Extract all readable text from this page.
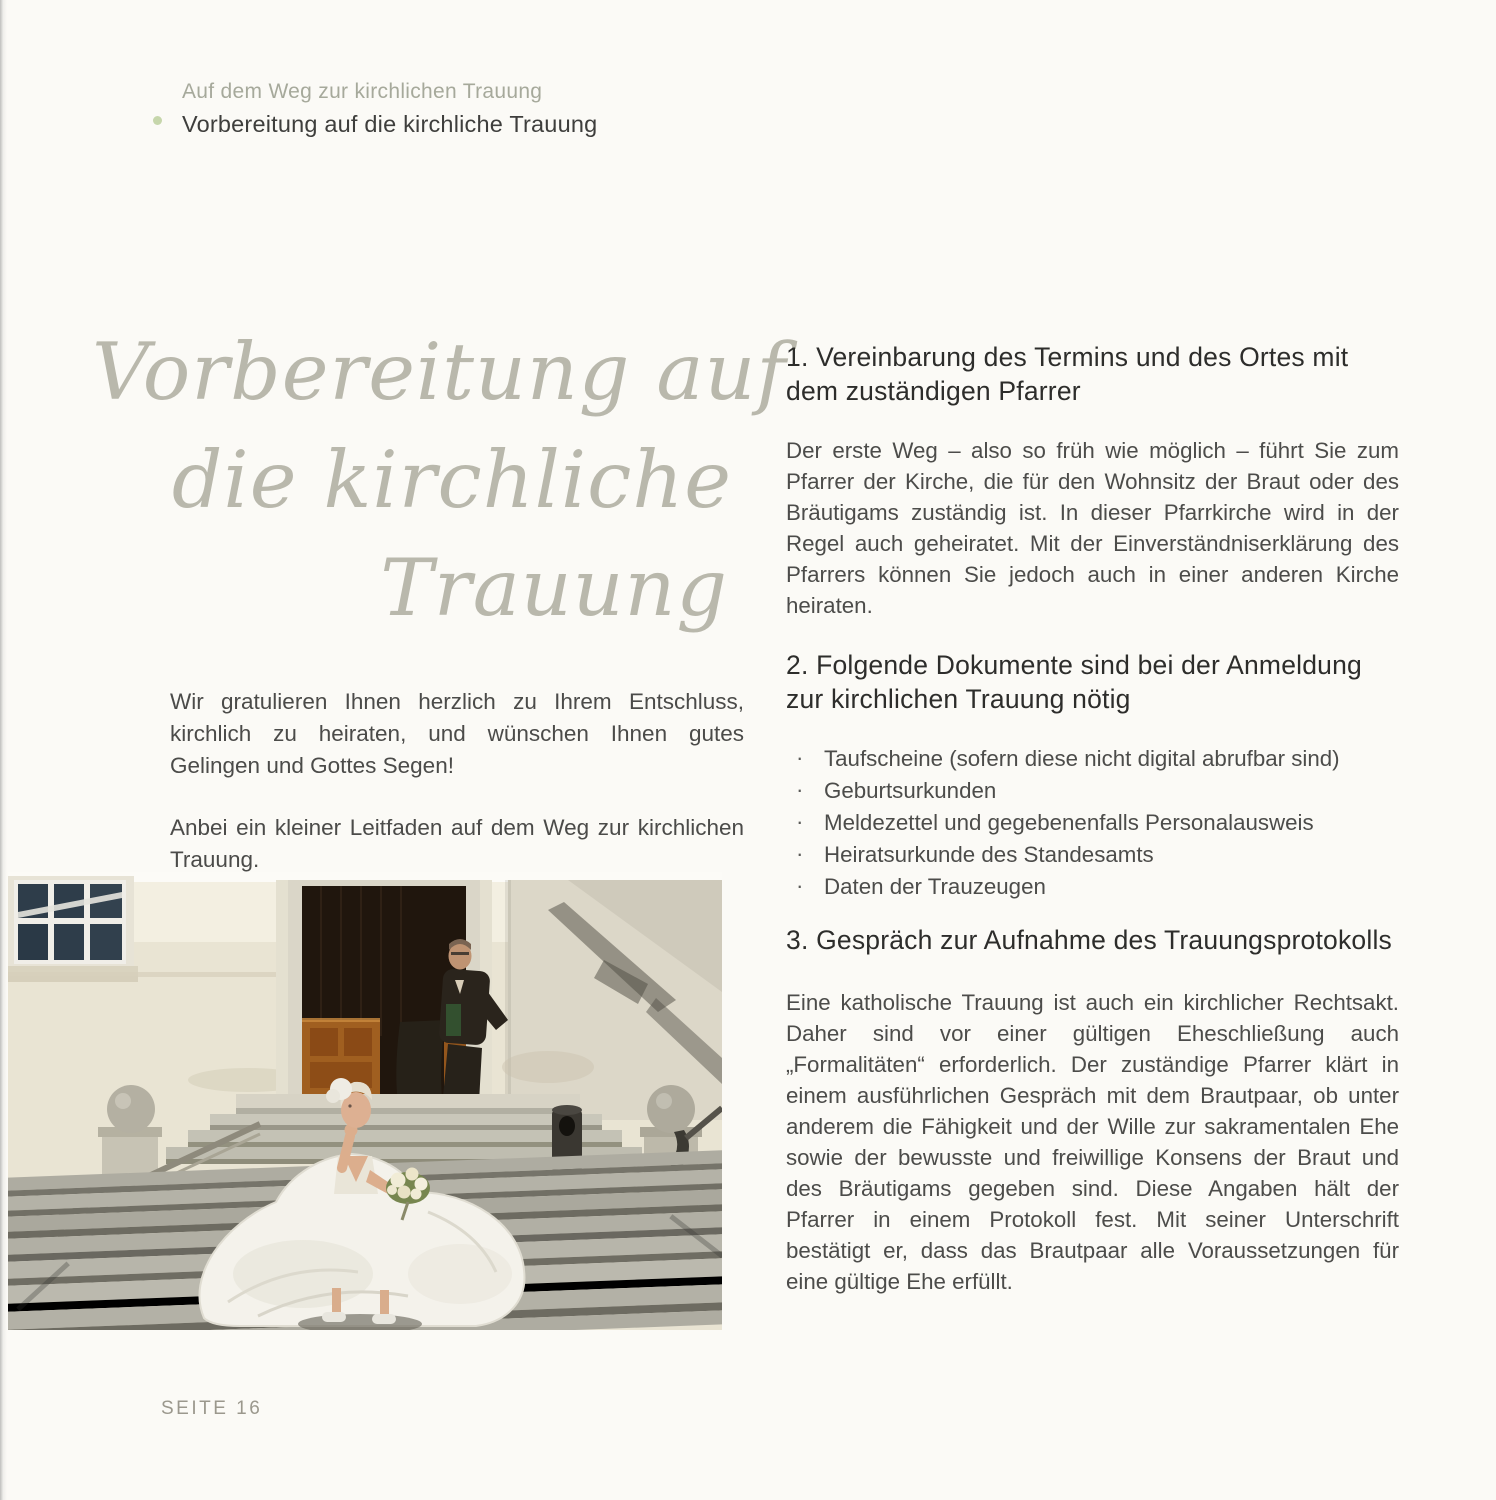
Auf dem Weg zur kirchlichen Trauung
Vorbereitung auf die kirchliche Trauung
Vorbereitung auf
die kirchliche
Trauung

Wir gratulieren Ihnen herzlich zu Ihrem Entschluss, kirchlich zu heiraten, und wünschen Ihnen gutes Gelingen und Gottes Segen!

Anbei ein kleiner Leitfaden auf dem Weg zur kirchlichen Trauung.

1. Vereinbarung des Termins und des Ortes mit dem zuständigen Pfarrer

Der erste Weg – also so früh wie möglich – führt Sie zum Pfarrer der Kirche, die für den Wohnsitz der Braut oder des Bräutigams zuständig ist. In dieser Pfarrkirche wird in der Regel auch geheiratet. Mit der Einverständniserklärung des Pfarrers können Sie jedoch auch in einer anderen Kirche heiraten.

2. Folgende Dokumente sind bei der Anmeldung zur kirchlichen Trauung nötig
· Taufscheine (sofern diese nicht digital abrufbar sind)
· Geburtsurkunden
· Meldezettel und gegebenenfalls Personalausweis
· Heiratsurkunde des Standesamts
· Daten der Trauzeugen
3. Gespräch zur Aufnahme des Trauungsprotokolls

Eine katholische Trauung ist auch ein kirchlicher Rechtsakt. Daher sind vor einer gültigen Eheschließung auch „Formalitäten“ erforderlich. Der zuständige Pfarrer klärt in einem ausführlichen Gespräch mit dem Brautpaar, ob unter anderem die Fähigkeit und der Wille zur sakramentalen Ehe sowie der bewusste und freiwillige Konsens der Braut und des Bräutigams gegeben sind. Diese Angaben hält der Pfarrer in einem Protokoll fest. Mit seiner Unterschrift bestätigt er, dass das Brautpaar alle Voraussetzungen für eine gültige Ehe erfüllt.

SEITE 16
